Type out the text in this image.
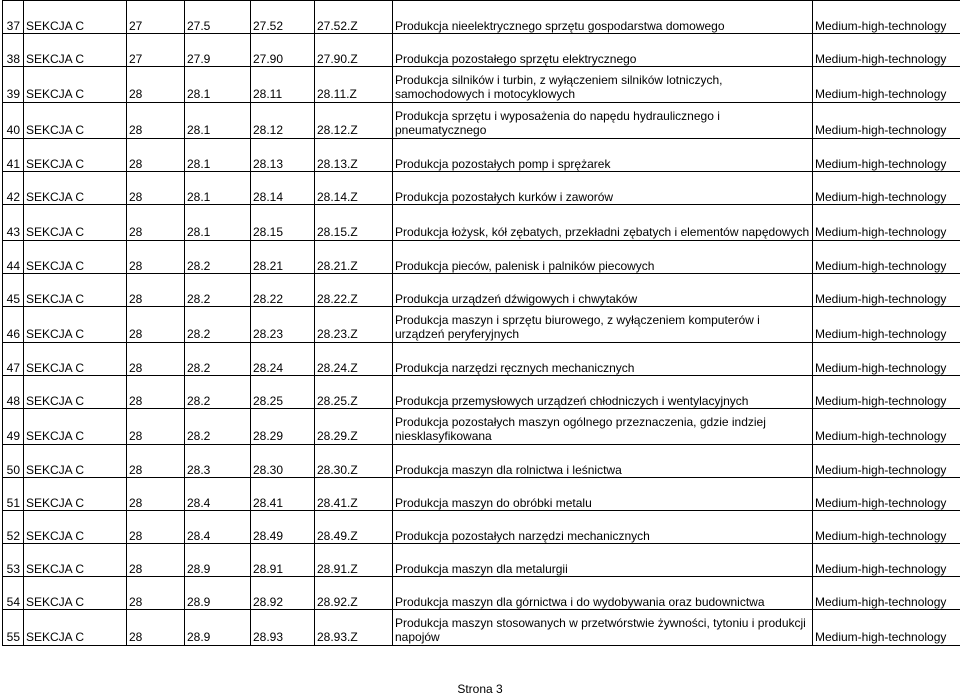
37	SEKCJA C	27	27.5	27.52	27.52.Z	Produkcja nieelektrycznego sprzętu gospodarstwa domowego	Medium-high-technology
38	SEKCJA C	27	27.9	27.90	27.90.Z	Produkcja pozostałego sprzętu elektrycznego	Medium-high-technology
39	SEKCJA C	28	28.1	28.11	28.11.Z	Produkcja silników i turbin, z wyłączeniem silników lotniczych, samochodowych i motocyklowych	Medium-high-technology
40	SEKCJA C	28	28.1	28.12	28.12.Z	Produkcja sprzętu i wyposażenia do napędu hydraulicznego i pneumatycznego	Medium-high-technology
41	SEKCJA C	28	28.1	28.13	28.13.Z	Produkcja pozostałych pomp i sprężarek	Medium-high-technology
42	SEKCJA C	28	28.1	28.14	28.14.Z	Produkcja pozostałych kurków i zaworów	Medium-high-technology
43	SEKCJA C	28	28.1	28.15	28.15.Z	Produkcja łożysk, kół zębatych, przekładni zębatych i elementów napędowych	Medium-high-technology
44	SEKCJA C	28	28.2	28.21	28.21.Z	Produkcja pieców, palenisk i palników piecowych	Medium-high-technology
45	SEKCJA C	28	28.2	28.22	28.22.Z	Produkcja urządzeń dźwigowych i chwytaków	Medium-high-technology
46	SEKCJA C	28	28.2	28.23	28.23.Z	Produkcja maszyn i sprzętu biurowego, z wyłączeniem komputerów i urządzeń peryferyjnych	Medium-high-technology
47	SEKCJA C	28	28.2	28.24	28.24.Z	Produkcja narzędzi ręcznych mechanicznych	Medium-high-technology
48	SEKCJA C	28	28.2	28.25	28.25.Z	Produkcja przemysłowych urządzeń chłodniczych i wentylacyjnych	Medium-high-technology
49	SEKCJA C	28	28.2	28.29	28.29.Z	Produkcja pozostałych maszyn ogólnego przeznaczenia, gdzie indziej niesklasyfikowana	Medium-high-technology
50	SEKCJA C	28	28.3	28.30	28.30.Z	Produkcja maszyn dla rolnictwa i leśnictwa	Medium-high-technology
51	SEKCJA C	28	28.4	28.41	28.41.Z	Produkcja maszyn do obróbki metalu	Medium-high-technology
52	SEKCJA C	28	28.4	28.49	28.49.Z	Produkcja pozostałych narzędzi mechanicznych	Medium-high-technology
53	SEKCJA C	28	28.9	28.91	28.91.Z	Produkcja maszyn dla metalurgii	Medium-high-technology
54	SEKCJA C	28	28.9	28.92	28.92.Z	Produkcja maszyn dla górnictwa i do wydobywania oraz budownictwa	Medium-high-technology
55	SEKCJA C	28	28.9	28.93	28.93.Z	Produkcja maszyn stosowanych w przetwórstwie żywności, tytoniu i produkcji napojów	Medium-high-technology
Strona 3
